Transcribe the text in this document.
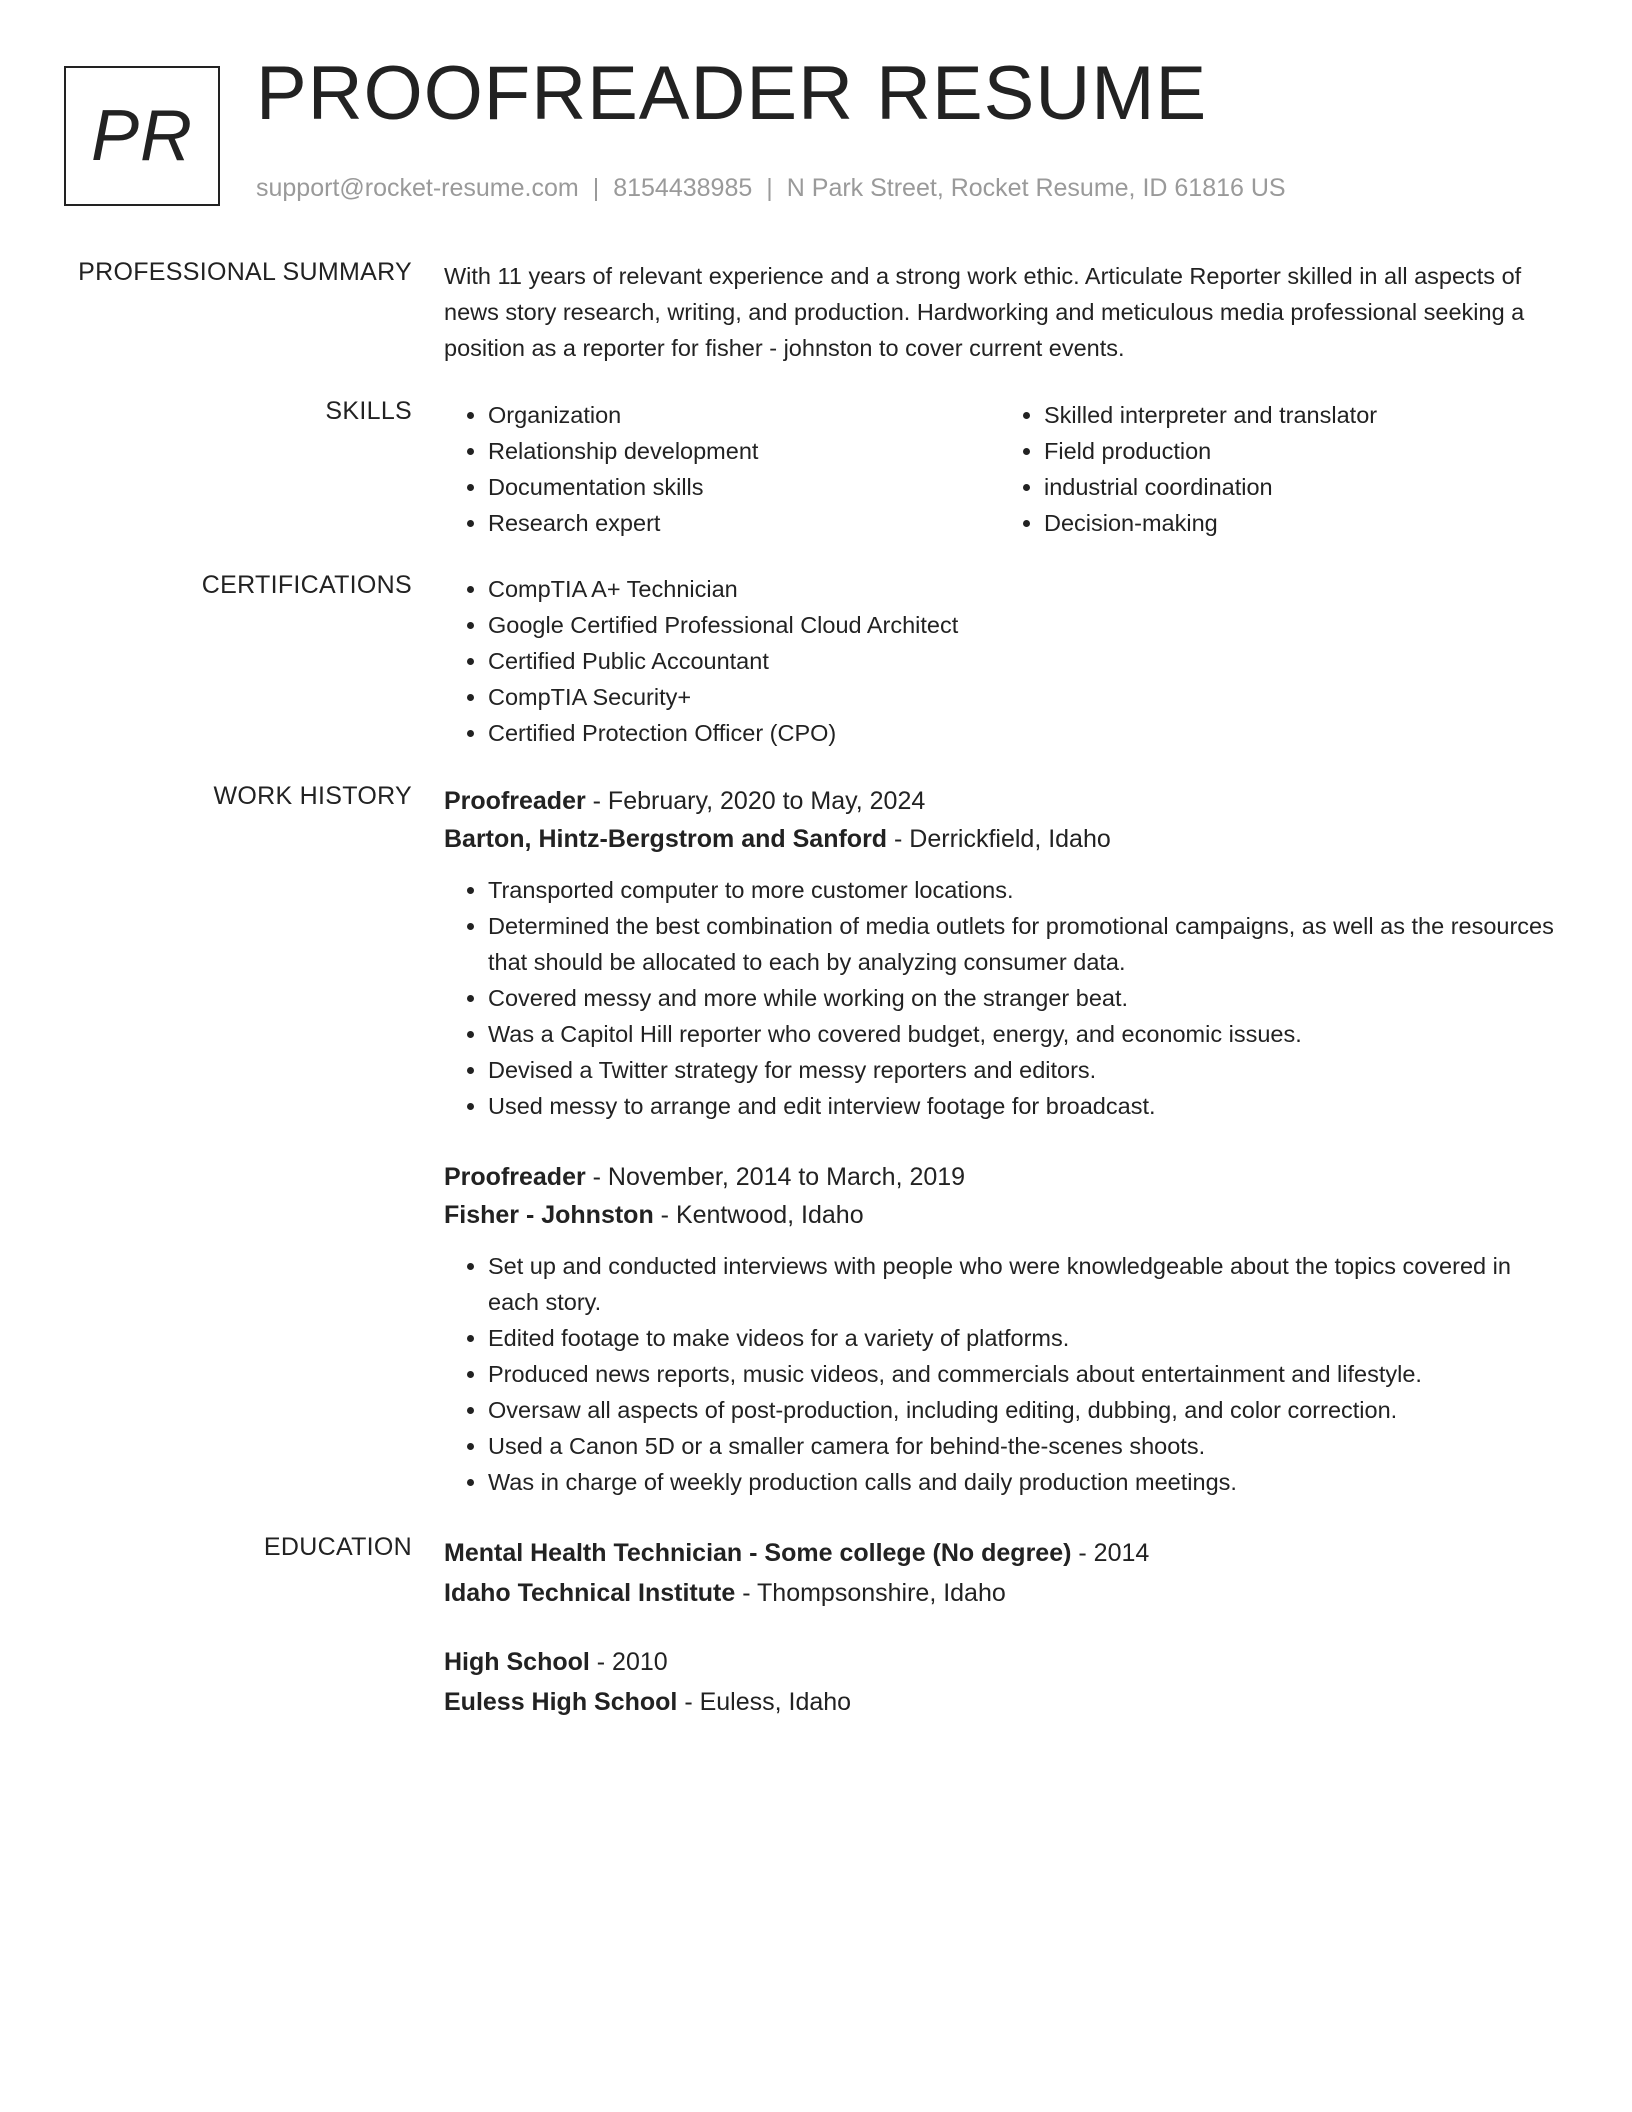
PR PROOFREADER RESUME
support@rocket-resume.com | 8154438985 | N Park Street, Rocket Resume, ID 61816 US
PROFESSIONAL SUMMARY With 11 years of relevant experience and a strong work ethic. Articulate Reporter skilled in all aspects of news story research, writing, and production. Hardworking and meticulous media professional seeking a position as a reporter for fisher - johnston to cover current events.
SKILLS	• Organization
• Relationship development
• Documentation skills
• Research expert
• Skilled interpreter and translator
• Field production
• industrial coordination
• Decision-making
CERTIFICATIONS	• CompTIA A+ Technician
• Google Certified Professional Cloud Architect
• Certified Public Accountant
• CompTIA Security+
• Certified Protection Officer (CPO)
WORK HISTORY Proofreader - February, 2020 to May, 2024
Barton, Hintz-Bergstrom and Sanford - Derrickfield, Idaho
• Transported computer to more customer locations.
• Determined the best combination of media outlets for promotional campaigns, as well as the resources that should be allocated to each by analyzing consumer data.
• Covered messy and more while working on the stranger beat.
• Was a Capitol Hill reporter who covered budget, energy, and economic issues.
• Devised a Twitter strategy for messy reporters and editors.
• Used messy to arrange and edit interview footage for broadcast.
Proofreader - November, 2014 to March, 2019
Fisher - Johnston - Kentwood, Idaho
• Set up and conducted interviews with people who were knowledgeable about the topics covered in each story.
• Edited footage to make videos for a variety of platforms.
• Produced news reports, music videos, and commercials about entertainment and lifestyle.
• Oversaw all aspects of post-production, including editing, dubbing, and color correction.
• Used a Canon 5D or a smaller camera for behind-the-scenes shoots.
• Was in charge of weekly production calls and daily production meetings.
EDUCATION Mental Health Technician - Some college (No degree) - 2014
Idaho Technical Institute - Thompsonshire, Idaho
High School - 2010
Euless High School - Euless, Idaho
